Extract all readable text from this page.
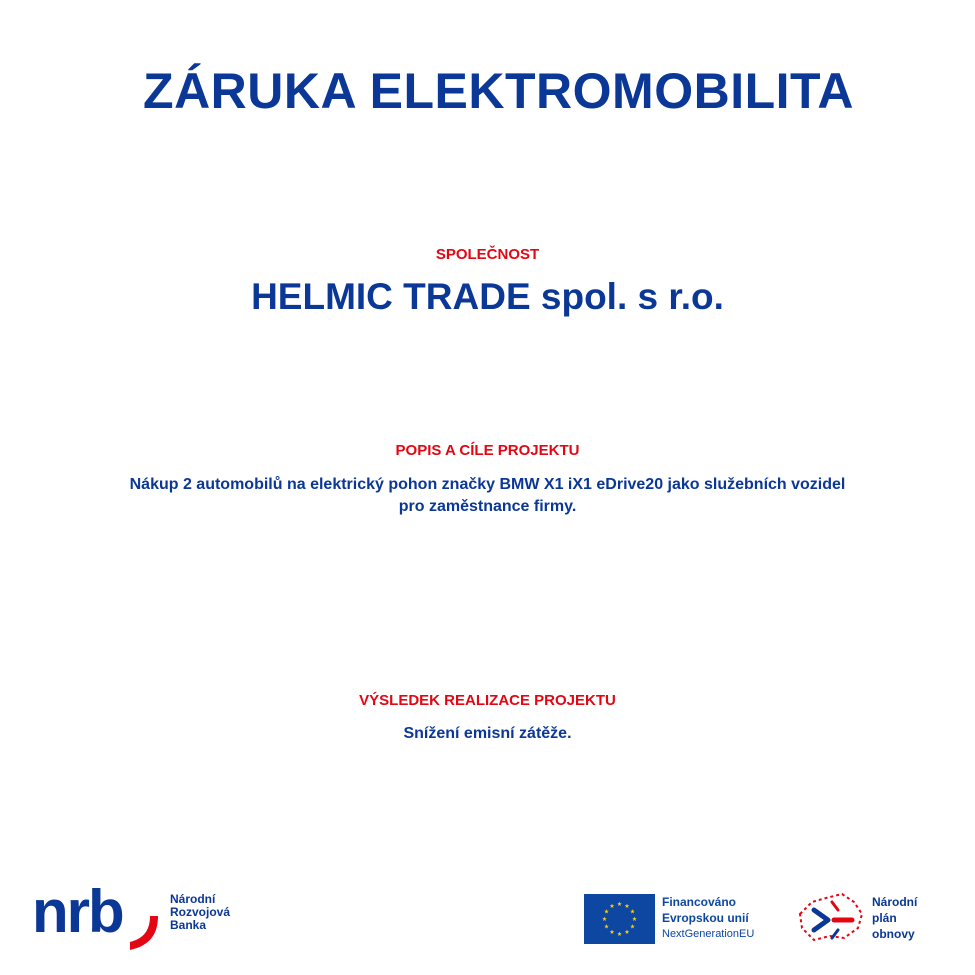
ZÁRUKA ELEKTROMOBILITA
SPOLEČNOST
HELMIC TRADE spol. s r.o.
POPIS A CÍLE PROJEKTU
Nákup 2 automobilů na elektrický pohon značky BMW X1 iX1 eDrive20 jako služebních vozidel
pro zaměstnance firmy.
VÝSLEDEK REALIZACE PROJEKTU
Snížení emisní zátěže.
nrb	Národní
Rozvojová
Banka
Financováno
Evropskou unií
NextGenerationEU
Národní
plán
obnovy
